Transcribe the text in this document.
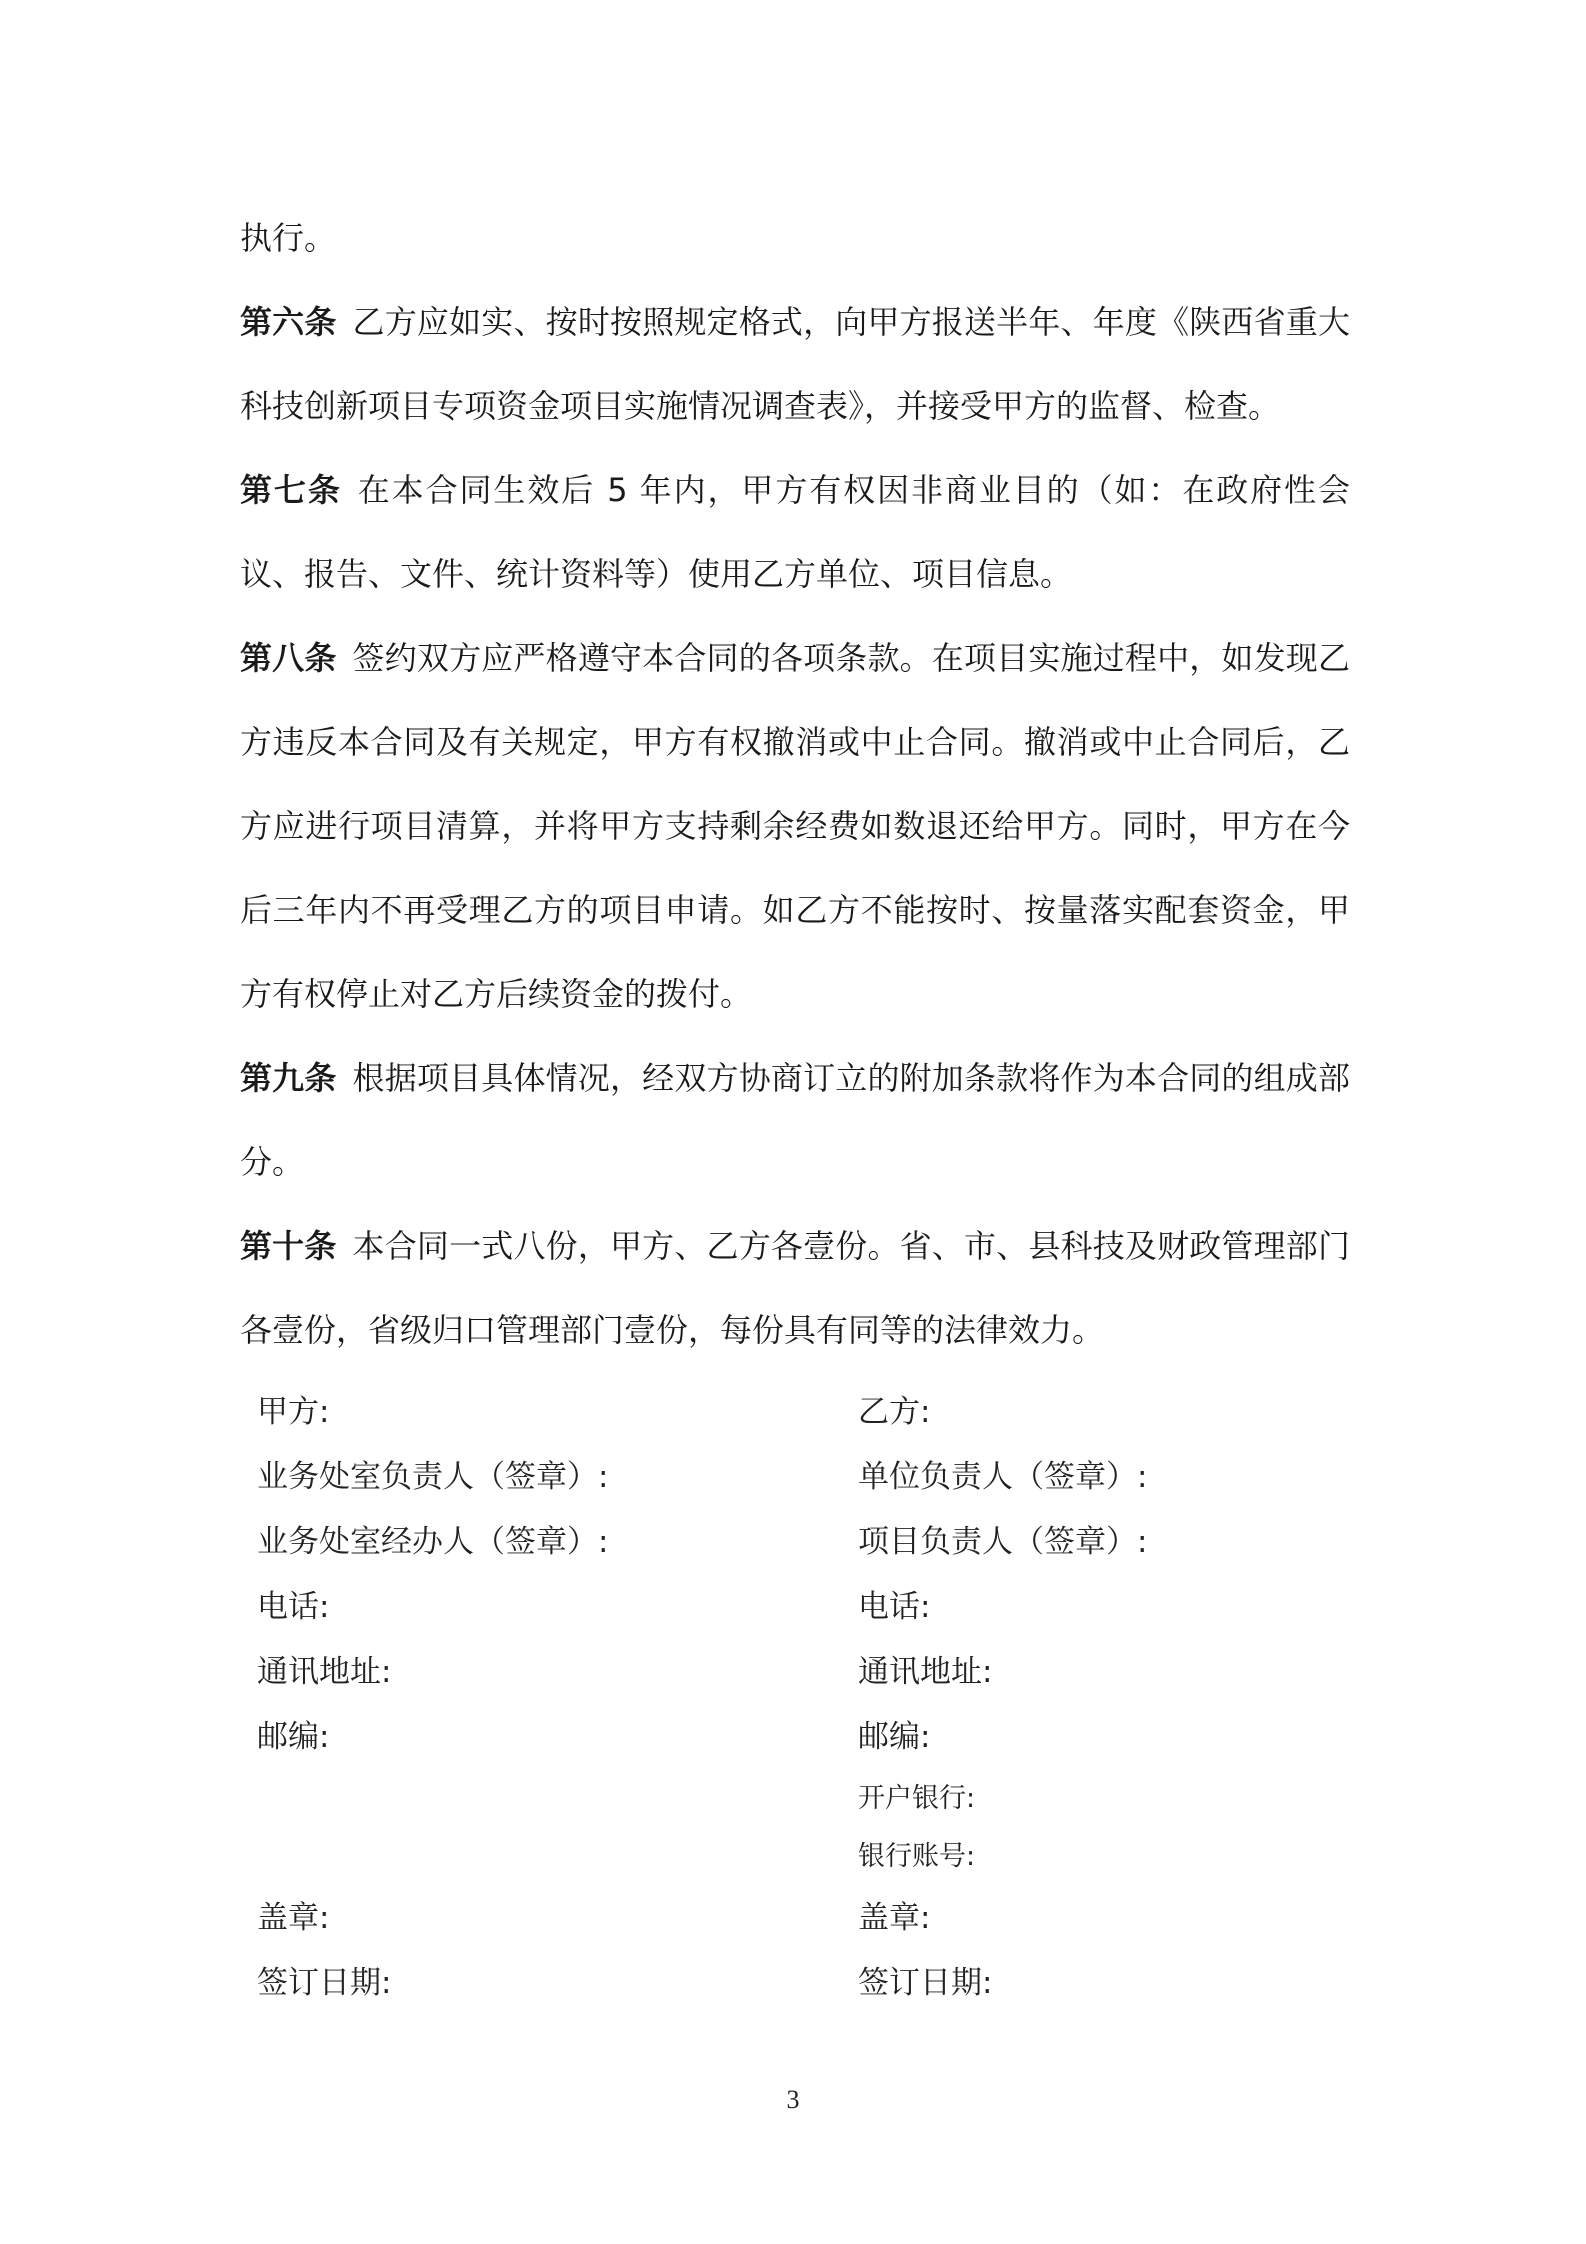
执行。

第六条 乙方应如实、按时按照规定格式，向甲方报送半年、年度《陕西省重大科技创新项目专项资金项目实施情况调查表》，并接受甲方的监督、检查。

第七条 在本合同生效后 5 年内，甲方有权因非商业目的（如：在政府性会议、报告、文件、统计资料等）使用乙方单位、项目信息。

第八条 签约双方应严格遵守本合同的各项条款。在项目实施过程中，如发现乙方违反本合同及有关规定，甲方有权撤消或中止合同。撤消或中止合同后，乙方应进行项目清算，并将甲方支持剩余经费如数退还给甲方。同时，甲方在今后三年内不再受理乙方的项目申请。如乙方不能按时、按量落实配套资金，甲方有权停止对乙方后续资金的拨付。

第九条 根据项目具体情况，经双方协商订立的附加条款将作为本合同的组成部分。

第十条 本合同一式八份，甲方、乙方各壹份。省、市、县科技及财政管理部门各壹份，省级归口管理部门壹份，每份具有同等的法律效力。

甲方:
业务处室负责人（签章）:
业务处室经办人（签章）:
电话:
通讯地址:
邮编:
盖章:
签订日期:
乙方:
单位负责人（签章）:
项目负责人（签章）:
电话:
通讯地址:
邮编:
开户银行:
银行账号:
盖章:
签订日期:
3
